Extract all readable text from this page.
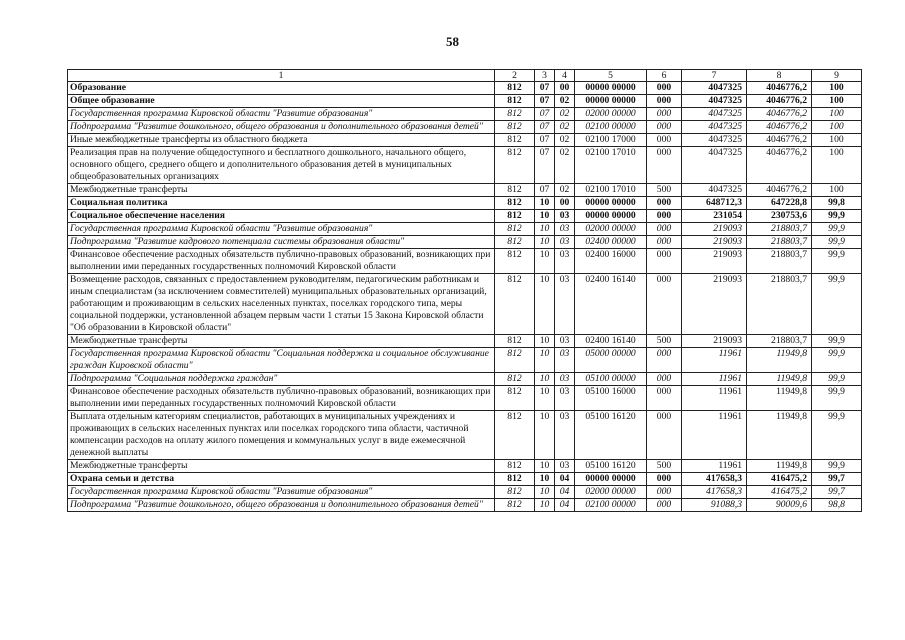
58
1	2	3	4	5	6	7	8	9
Образование	812	07	00	00000 00000	000	4047325	4046776,2	100
Общее образование	812	07	02	00000 00000	000	4047325	4046776,2	100
Государственная программа Кировской области "Развитие образования"	812	07	02	02000 00000	000	4047325	4046776,2	100
Подпрограмма "Развитие дошкольного, общего образования и дополнительного образования детей"	812	07	02	02100 00000	000	4047325	4046776,2	100
Иные межбюджетные трансферты из областного бюджета	812	07	02	02100 17000	000	4047325	4046776,2	100
Реализация прав на получение общедоступного и бесплатного дошкольного, начального общего, основного общего, среднего общего и дополнительного образования детей в муниципальных общеобразовательных организациях	812	07	02	02100 17010	000	4047325	4046776,2	100
Межбюджетные трансферты	812	07	02	02100 17010	500	4047325	4046776,2	100
Социальная политика	812	10	00	00000 00000	000	648712,3	647228,8	99,8
Социальное обеспечение населения	812	10	03	00000 00000	000	231054	230753,6	99,9
Государственная программа Кировской области "Развитие образования"	812	10	03	02000 00000	000	219093	218803,7	99,9
Подпрограмма "Развитие кадрового потенциала системы образования области"	812	10	03	02400 00000	000	219093	218803,7	99,9
Финансовое обеспечение расходных обязательств публично-правовых образований, возникающих при выполнении ими переданных государственных полномочий Кировской области	812	10	03	02400 16000	000	219093	218803,7	99,9
Возмещение расходов, связанных с предоставлением руководителям, педагогическим работникам и иным специалистам (за исключением совместителей) муниципальных образовательных организаций, работающим и проживающим в сельских населенных пунктах, поселках городского типа, меры социальной поддержки, установленной абзацем первым части 1 статьи 15 Закона Кировской области "Об образовании в Кировской области"	812	10	03	02400 16140	000	219093	218803,7	99,9
Межбюджетные трансферты	812	10	03	02400 16140	500	219093	218803,7	99,9
Государственная программа Кировской области "Социальная поддержка и социальное обслуживание граждан Кировской области"	812	10	03	05000 00000	000	11961	11949,8	99,9
Подпрограмма "Социальная поддержка граждан"	812	10	03	05100 00000	000	11961	11949,8	99,9
Финансовое обеспечение расходных обязательств публично-правовых образований, возникающих при выполнении ими переданных государственных полномочий Кировской области	812	10	03	05100 16000	000	11961	11949,8	99,9
Выплата отдельным категориям специалистов, работающих в муниципальных учреждениях и проживающих в сельских населенных пунктах или поселках городского типа области, частичной компенсации расходов на оплату жилого помещения и коммунальных услуг в виде ежемесячной денежной выплаты	812	10	03	05100 16120	000	11961	11949,8	99,9
Межбюджетные трансферты	812	10	03	05100 16120	500	11961	11949,8	99,9
Охрана семьи и детства	812	10	04	00000 00000	000	417658,3	416475,2	99,7
Государственная программа Кировской области "Развитие образования"	812	10	04	02000 00000	000	417658,3	416475,2	99,7
Подпрограмма "Развитие дошкольного, общего образования и дополнительного образования детей"	812	10	04	02100 00000	000	91088,3	90009,6	98,8
